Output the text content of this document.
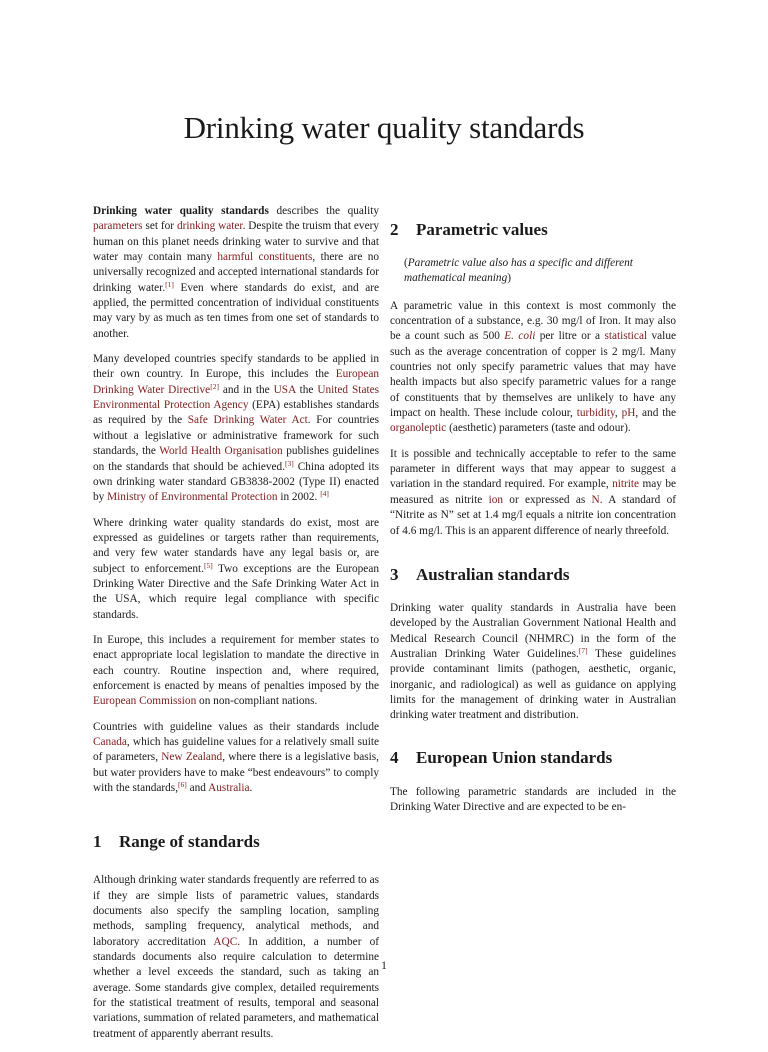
Drinking water quality standards

Drinking water quality standards describes the quality parameters set for drinking water. Despite the truism that every human on this planet needs drinking water to survive and that water may contain many harmful constituents, there are no universally recognized and accepted international standards for drinking water.[1] Even where standards do exist, and are applied, the permitted concentration of individual constituents may vary by as much as ten times from one set of standards to another.

Many developed countries specify standards to be applied in their own country. In Europe, this includes the European Drinking Water Directive[2] and in the USA the United States Environmental Protection Agency (EPA) establishes standards as required by the Safe Drinking Water Act. For countries without a legislative or administrative framework for such standards, the World Health Organisation publishes guidelines on the standards that should be achieved.[3] China adopted its own drinking water standard GB3838-2002 (Type II) enacted by Ministry of Environmental Protection in 2002. [4]

Where drinking water quality standards do exist, most are expressed as guidelines or targets rather than requirements, and very few water standards have any legal basis or, are subject to enforcement.[5] Two exceptions are the European Drinking Water Directive and the Safe Drinking Water Act in the USA, which require legal compliance with specific standards.

In Europe, this includes a requirement for member states to enact appropriate local legislation to mandate the directive in each country. Routine inspection and, where required, enforcement is enacted by means of penalties imposed by the European Commission on non-compliant nations.

Countries with guideline values as their standards include Canada, which has guideline values for a relatively small suite of parameters, New Zealand, where there is a legislative basis, but water providers have to make “best endeavours” to comply with the standards,[6] and Australia.

1 Range of standards

Although drinking water standards frequently are referred to as if they are simple lists of parametric values, standards documents also specify the sampling location, sampling methods, sampling frequency, analytical methods, and laboratory accreditation AQC. In addition, a number of standards documents also require calculation to determine whether a level exceeds the standard, such as taking an average. Some standards give complex, detailed requirements for the statistical treatment of results, temporal and seasonal variations, summation of related parameters, and mathematical treatment of apparently aberrant results.

2 Parametric values

(Parametric value also has a specific and different mathematical meaning)

A parametric value in this context is most commonly the concentration of a substance, e.g. 30 mg/l of Iron. It may also be a count such as 500 E. coli per litre or a statistical value such as the average concentration of copper is 2 mg/l. Many countries not only specify parametric values that may have health impacts but also specify parametric values for a range of constituents that by themselves are unlikely to have any impact on health. These include colour, turbidity, pH, and the organoleptic (aesthetic) parameters (taste and odour).

It is possible and technically acceptable to refer to the same parameter in different ways that may appear to suggest a variation in the standard required. For example, nitrite may be measured as nitrite ion or expressed as N. A standard of “Nitrite as N” set at 1.4 mg/l equals a nitrite ion concentration of 4.6 mg/l. This is an apparent difference of nearly threefold.

3 Australian standards

Drinking water quality standards in Australia have been developed by the Australian Government National Health and Medical Research Council (NHMRC) in the form of the Australian Drinking Water Guidelines.[7] These guidelines provide contaminant limits (pathogen, aesthetic, organic, inorganic, and radiological) as well as guidance on applying limits for the management of drinking water in Australian drinking water treatment and distribution.

4 European Union standards

The following parametric standards are included in the Drinking Water Directive and are expected to be en-

1
